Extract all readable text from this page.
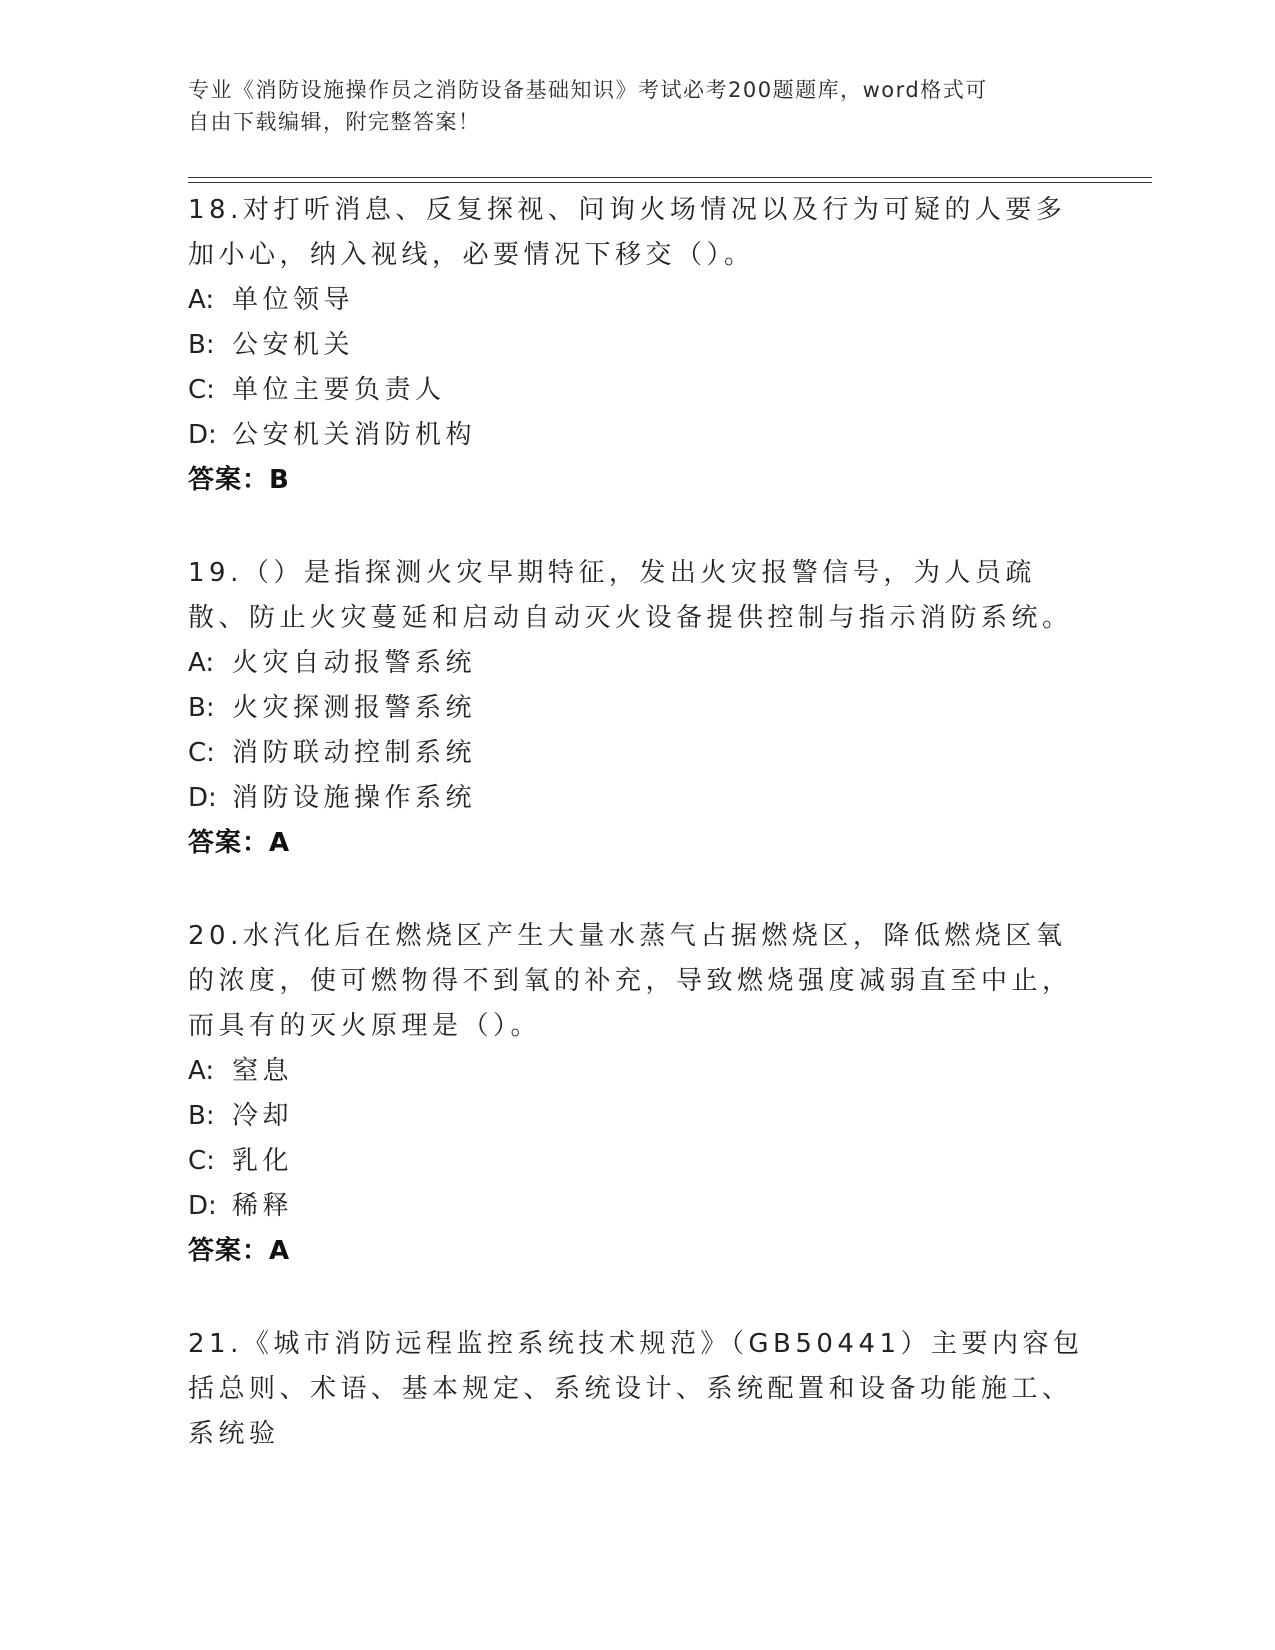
专业《消防设施操作员之消防设备基础知识》考试必考200题题库，word格式可
自由下载编辑，附完整答案！
18.对打听消息、反复探视、问询火场情况以及行为可疑的人要多加小心，纳入视线，必要情况下移交（）。
A: 单位领导
B: 公安机关
C: 单位主要负责人
D: 公安机关消防机构
答案：B
19.（）是指探测火灾早期特征，发出火灾报警信号，为人员疏散、防止火灾蔓延和启动自动灭火设备提供控制与指示消防系统。
A: 火灾自动报警系统
B: 火灾探测报警系统
C: 消防联动控制系统
D: 消防设施操作系统
答案：A
20.水汽化后在燃烧区产生大量水蒸气占据燃烧区，降低燃烧区氧的浓度，使可燃物得不到氧的补充，导致燃烧强度减弱直至中止，而具有的灭火原理是（）。
A: 窒息
B: 冷却
C: 乳化
D: 稀释
答案：A
21.《城市消防远程监控系统技术规范》（GB50441）主要内容包括总则、术语、基本规定、系统设计、系统配置和设备功能施工、系统验
